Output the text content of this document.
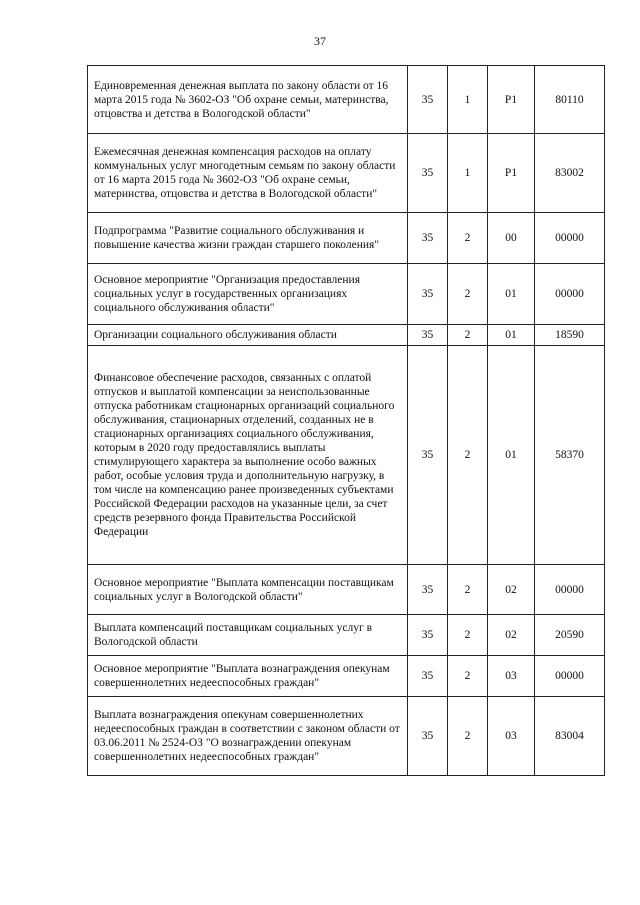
37
Единовременная денежная выплата по закону области от 16 марта 2015 года № 3602-ОЗ "Об охране семьи, материнства, отцовства и детства в Вологодской области"	35	1	P1	80110
Ежемесячная денежная компенсация расходов на оплату коммунальных услуг многодетным семьям по закону области от 16 марта 2015 года № 3602-ОЗ "Об охране семьи, материнства, отцовства и детства в Вологодской области"	35	1	P1	83002
Подпрограмма "Развитие социального обслуживания и повышение качества жизни граждан старшего поколения"	35	2	00	00000
Основное мероприятие "Организация предоставления социальных услуг в государственных организациях социального обслуживания области"	35	2	01	00000
Организации социального обслуживания области	35	2	01	18590
Финансовое обеспечение расходов, связанных с оплатой отпусков и выплатой компенсации за неиспользованные отпуска работникам стационарных организаций социального обслуживания, стационарных отделений, созданных не в стационарных организациях социального обслуживания, которым в 2020 году предоставлялись выплаты стимулирующего характера за выполнение особо важных работ, особые условия труда и дополнительную нагрузку, в том числе на компенсацию ранее произведенных субъектами Российской Федерации расходов на указанные цели, за счет средств резервного фонда Правительства Российской Федерации	35	2	01	58370
Основное мероприятие "Выплата компенсации поставщикам социальных услуг в Вологодской области"	35	2	02	00000
Выплата компенсаций поставщикам социальных услуг в Вологодской области	35	2	02	20590
Основное мероприятие "Выплата вознаграждения опекунам совершеннолетних недееспособных граждан"	35	2	03	00000
Выплата вознаграждения опекунам совершеннолетних недееспособных граждан в соответствии с законом области от 03.06.2011 № 2524-ОЗ "О вознаграждении опекунам совершеннолетних недееспособных граждан"	35	2	03	83004
